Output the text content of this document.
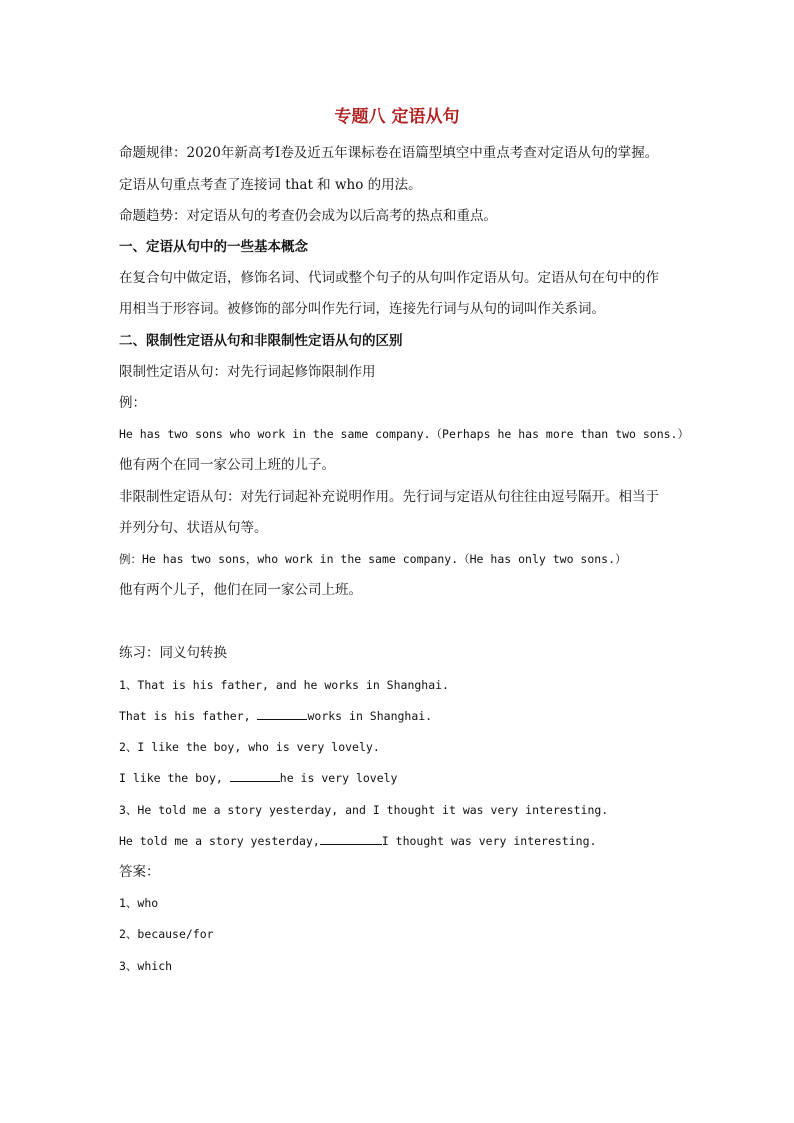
专题八 定语从句
命题规律：2020年新高考Ⅰ卷及近五年课标卷在语篇型填空中重点考查对定语从句的掌握。
定语从句重点考查了连接词 that 和 who 的用法。
命题趋势：对定语从句的考查仍会成为以后高考的热点和重点。
一、定语从句中的一些基本概念
在复合句中做定语，修饰名词、代词或整个句子的从句叫作定语从句。定语从句在句中的作
用相当于形容词。被修饰的部分叫作先行词，连接先行词与从句的词叫作关系词。
二、限制性定语从句和非限制性定语从句的区别
限制性定语从句：对先行词起修饰限制作用
例：
He has two sons who work in the same company.（Perhaps he has more than two sons.）
他有两个在同一家公司上班的儿子。
非限制性定语从句：对先行词起补充说明作用。先行词与定语从句往往由逗号隔开。相当于
并列分句、状语从句等。
例：He has two sons，who work in the same company.（He has only two sons.）
他有两个儿子，他们在同一家公司上班。
练习：同义句转换
1、That is his father, and he works in Shanghai.
That is his father,	works in Shanghai.
2、I like the boy, who is very lovely.
I like the boy,	he is very lovely
3、He told me a story yesterday, and I thought it was very interesting.
He told me a story yesterday,	I thought was very interesting.
答案：
1、who
2、because/for
3、which
